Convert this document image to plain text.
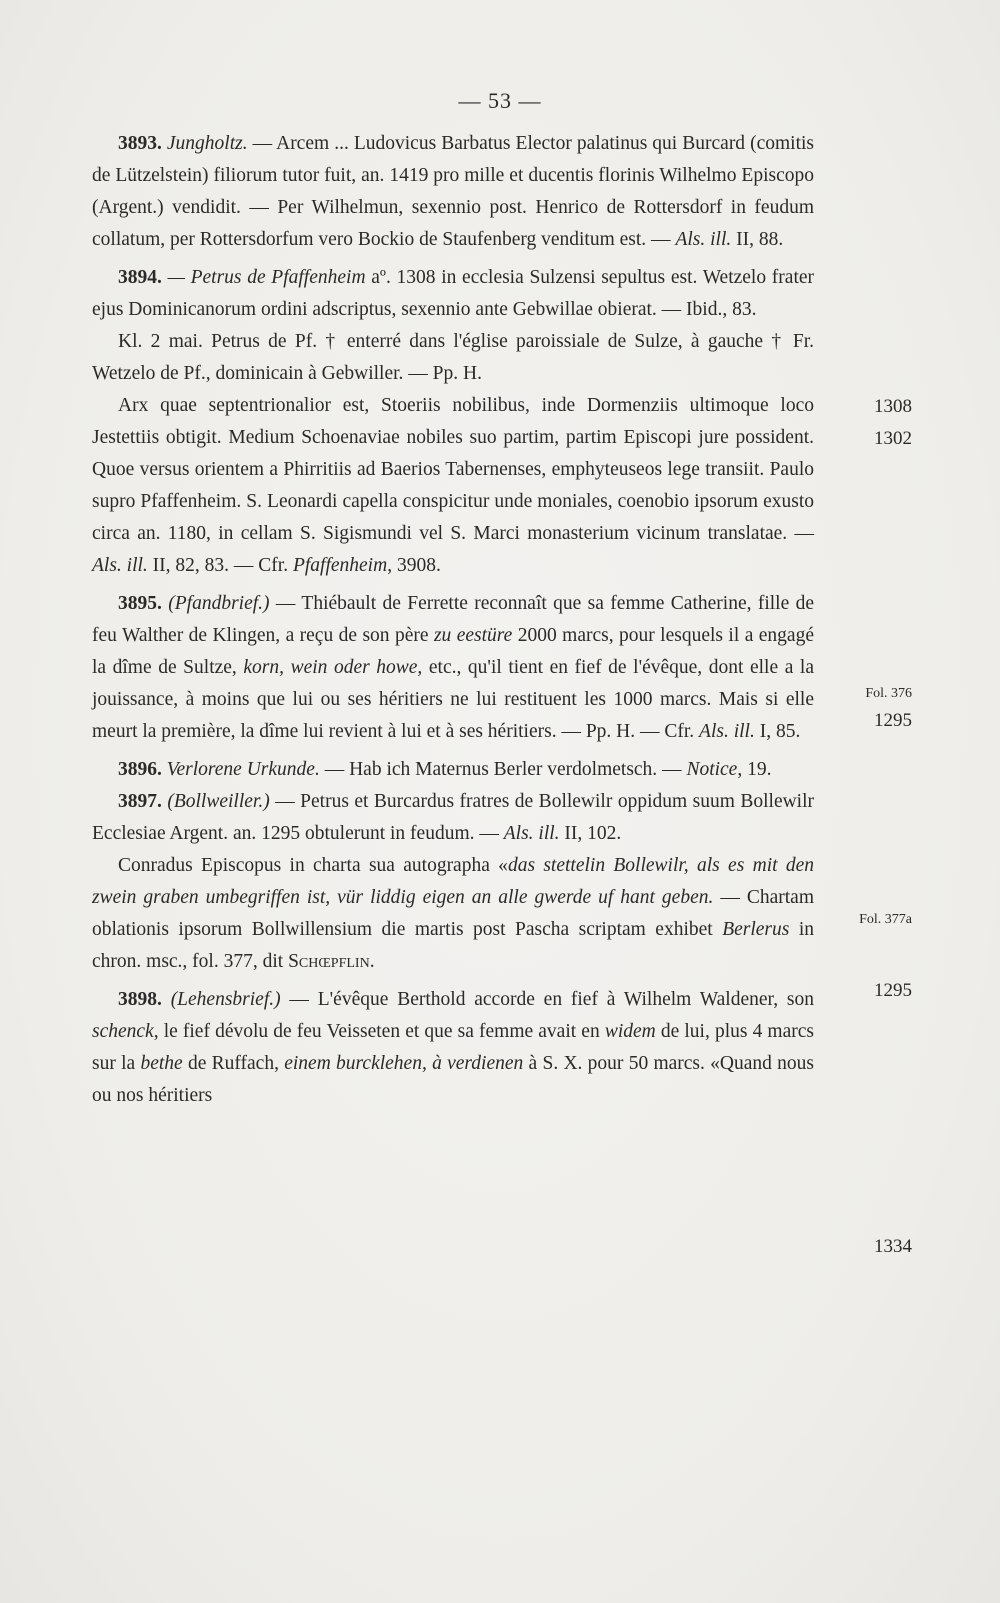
— 53 —

3893. Jungholtz. — Arcem ... Ludovicus Barbatus Elector palatinus qui Burcard (comitis de Lützelstein) filiorum tutor fuit, an. 1419 pro mille et ducentis florinis Wilhelmo Episcopo (Argent.) vendidit. — Per Wilhelmun, sexennio post. Henrico de Rottersdorf in feudum collatum, per Rottersdorfum vero Bockio de Staufenberg venditum est. — Als. ill. II, 88.

3894. — Petrus de Pfaffenheim aº. 1308 in ecclesia Sulzensi sepultus est. Wetzelo frater ejus Dominicanorum ordini adscriptus, sexennio ante Gebwillae obierat. — Ibid., 83.

Kl. 2 mai. Petrus de Pf. † enterré dans l'église paroissiale de Sulze, à gauche † Fr. Wetzelo de Pf., dominicain à Gebwiller. — Pp. H.

Arx quae septentrionalior est, Stoeriis nobilibus, inde Dormenziis ultimoque loco Jestettiis obtigit. Medium Schoenaviae nobiles suo partim, partim Episcopi jure possident. Quoe versus orientem a Phirritiis ad Baerios Tabernenses, emphyteuseos lege transiit. Paulo supro Pfaffenheim. S. Leonardi capella conspicitur unde moniales, coenobio ipsorum exusto circa an. 1180, in cellam S. Sigismundi vel S. Marci monasterium vicinum translatae. — Als. ill. II, 82, 83. — Cfr. Pfaffenheim, 3908.

3895. (Pfandbrief.) — Thiébault de Ferrette reconnaît que sa femme Catherine, fille de feu Walther de Klingen, a reçu de son père zu eestüre 2000 marcs, pour lesquels il a engagé la dîme de Sultze, korn, wein oder howe, etc., qu'il tient en fief de l'évêque, dont elle a la jouissance, à moins que lui ou ses héritiers ne lui restituent les 1000 marcs. Mais si elle meurt la première, la dîme lui revient à lui et à ses héritiers. — Pp. H. — Cfr. Als. ill. I, 85.

3896. Verlorene Urkunde. — Hab ich Maternus Berler verdolmetsch. — Notice, 19.

3897. (Bollweiller.) — Petrus et Burcardus fratres de Bollewilr oppidum suum Bollewilr Ecclesiae Argent. an. 1295 obtulerunt in feudum. — Als. ill. II, 102.

Conradus Episcopus in charta sua autographa «das stettelin Bollewilr, als es mit den zwein graben umbegriffen ist, vür liddig eigen an alle gwerde uf hant geben. — Chartam oblationis ipsorum Bollwillensium die martis post Pascha scriptam exhibet Berlerus in chron. msc., fol. 377, dit Schœpflin.

3898. (Lehensbrief.) — L'évêque Berthold accorde en fief à Wilhelm Waldener, son schenck, le fief dévolu de feu Veisseten et que sa femme avait en widem de lui, plus 4 marcs sur la bethe de Ruffach, einem burcklehen, à verdienen à S. X. pour 50 marcs. «Quand nous ou nos héritiers

1308
1302
Fol. 376
1295
Fol. 377a
1295
1334
